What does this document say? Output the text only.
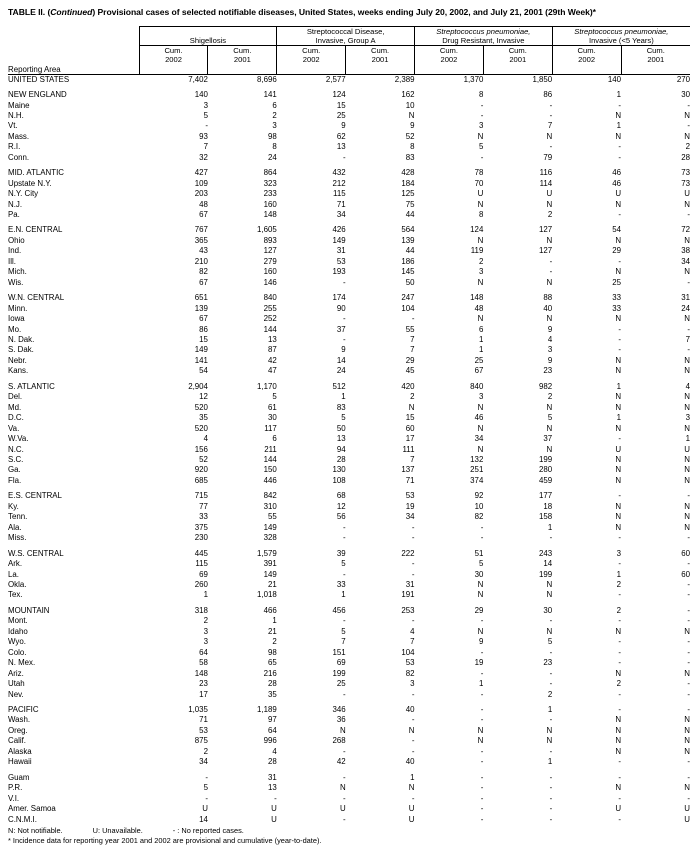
TABLE II. (Continued) Provisional cases of selected notifiable diseases, United States, weeks ending July 20, 2002, and July 21, 2001 (29th Week)*

Shigellosis

Streptococcal Disease,
Invasive, Group A

Streptococcus pneumoniae,
Drug Resistant, Invasive

Streptococcus pneumoniae,
Invasive (<5 Years)

Cum.
2002

Cum.
2001

Cum.
2002

Cum.
2001

Cum.
2002

Cum.
2001

Cum.
2002

Cum.
2001

Reporting Area								
UNITED STATES	7,402	8,696	2,577	2,389	1,370	1,850	140	270

NEW ENGLAND	140	141	124	162	8	86	1	30
Maine	3	6	15	10	-	-	-	-
N.H.	5	2	25	N	-	-	N	N
Vt.	-	3	9	9	3	7	1	-
Mass.	93	98	62	52	N	N	N	N
R.I.	7	8	13	8	5	-	-	2
Conn.	32	24	-	83	-	79	-	28

MID. ATLANTIC	427	864	432	428	78	116	46	73
Upstate N.Y.	109	323	212	184	70	114	46	73
N.Y. City	203	233	115	125	U	U	U	U
N.J.	48	160	71	75	N	N	N	N
Pa.	67	148	34	44	8	2	-	-

E.N. CENTRAL	767	1,605	426	564	124	127	54	72
Ohio	365	893	149	139	N	N	N	N
Ind.	43	127	31	44	119	127	29	38
Ill.	210	279	53	186	2	-	-	34
Mich.	82	160	193	145	3	-	N	N
Wis.	67	146	-	50	N	N	25	-

W.N. CENTRAL	651	840	174	247	148	88	33	31
Minn.	139	255	90	104	48	40	33	24
Iowa	67	252	-	-	N	N	N	N
Mo.	86	144	37	55	6	9	-	-
N. Dak.	15	13	-	7	1	4	-	7
S. Dak.	149	87	9	7	1	3	-	-
Nebr.	141	42	14	29	25	9	N	N
Kans.	54	47	24	45	67	23	N	N

S. ATLANTIC	2,904	1,170	512	420	840	982	1	4
Del.	12	5	1	2	3	2	N	N
Md.	520	61	83	N	N	N	N	N
D.C.	35	30	5	15	46	5	1	3
Va.	520	117	50	60	N	N	N	N
W.Va.	4	6	13	17	34	37	-	1
N.C.	156	211	94	111	N	N	U	U
S.C.	52	144	28	7	132	199	N	N
Ga.	920	150	130	137	251	280	N	N
Fla.	685	446	108	71	374	459	N	N

E.S. CENTRAL	715	842	68	53	92	177	-	-
Ky.	77	310	12	19	10	18	N	N
Tenn.	33	55	56	34	82	158	N	N
Ala.	375	149	-	-	-	1	N	N
Miss.	230	328	-	-	-	-	-	-

W.S. CENTRAL	445	1,579	39	222	51	243	3	60
Ark.	115	391	5	-	5	14	-	-
La.	69	149	-	-	30	199	1	60
Okla.	260	21	33	31	N	N	2	-
Tex.	1	1,018	1	191	N	N	-	-

MOUNTAIN	318	466	456	253	29	30	2	-
Mont.	2	1	-	-	-	-	-	-
Idaho	3	21	5	4	N	N	N	N
Wyo.	3	2	7	7	9	5	-	-
Colo.	64	98	151	104	-	-	-	-
N. Mex.	58	65	69	53	19	23	-	-
Ariz.	148	216	199	82	-	-	N	N
Utah	23	28	25	3	1	-	2	-
Nev.	17	35	-	-	-	2	-	-

PACIFIC	1,035	1,189	346	40	-	1	-	-
Wash.	71	97	36	-	-	-	N	N
Oreg.	53	64	N	N	N	N	N	N
Calif.	875	996	268	-	N	N	N	N
Alaska	2	4	-	-	-	-	N	N
Hawaii	34	28	42	40	-	1	-	-

Guam	-	31	-	1	-	-	-	-
P.R.	5	13	N	N	-	-	N	N
V.I.	-	-	-	-	-	-	-	-
Amer. Samoa	U	U	U	U	-	-	U	U
C.N.M.I.	14	U	-	U	-	-	-	U
N: Not notifiable.	U: Unavailable.	- : No reported cases.
* Incidence data for reporting year 2001 and 2002 are provisional and cumulative (year-to-date).
